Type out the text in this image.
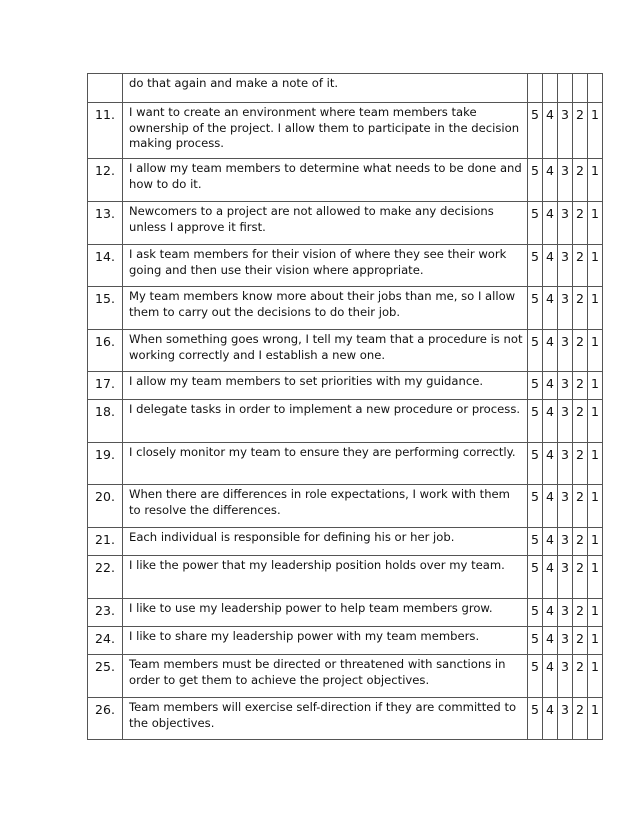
	do that again and make a note of it.					
11.	I want to create an environment where team members take ownership of the project. I allow them to participate in the decision making process.	5	4	3	2	1
12.	I allow my team members to determine what needs to be done and how to do it.	5	4	3	2	1
13.	Newcomers to a project are not allowed to make any decisions unless I approve it first.	5	4	3	2	1
14.	I ask team members for their vision of where they see their work going and then use their vision where appropriate.	5	4	3	2	1
15.	My team members know more about their jobs than me, so I allow them to carry out the decisions to do their job.	5	4	3	2	1
16.	When something goes wrong, I tell my team that a procedure is not working correctly and I establish a new one.	5	4	3	2	1
17.	I allow my team members to set priorities with my guidance.	5	4	3	2	1
18.	I delegate tasks in order to implement a new procedure or process.	5	4	3	2	1
19.	I closely monitor my team to ensure they are performing correctly.	5	4	3	2	1
20.	When there are differences in role expectations, I work with them to resolve the differences.	5	4	3	2	1
21.	Each individual is responsible for defining his or her job.	5	4	3	2	1
22.	I like the power that my leadership position holds over my team.	5	4	3	2	1
23.	I like to use my leadership power to help team members grow.	5	4	3	2	1
24.	I like to share my leadership power with my team members.	5	4	3	2	1
25.	Team members must be directed or threatened with sanctions in order to get them to achieve the project objectives.	5	4	3	2	1
26.	Team members will exercise self-direction if they are committed to the objectives.	5	4	3	2	1
